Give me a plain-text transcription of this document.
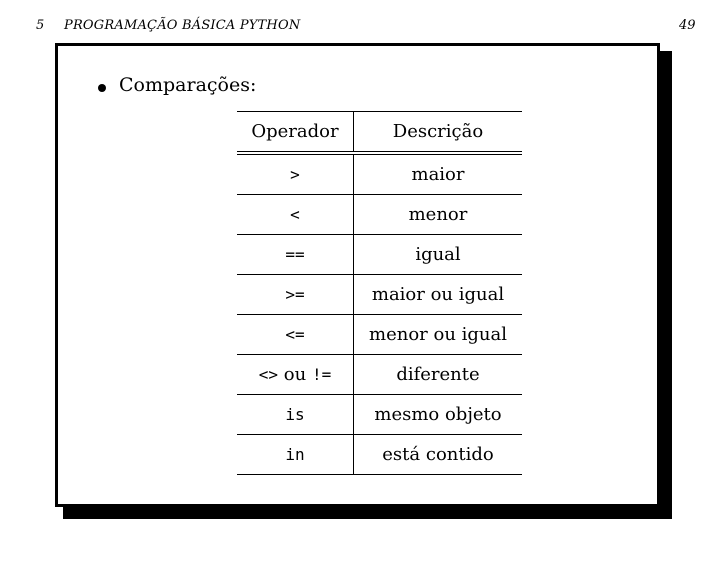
5 PROGRAMAÇÃO BÁSICA PYTHON	49
Comparações:
Operador	Descrição
>	maior
<	menor
==	igual
>=	maior ou igual
<=	menor ou igual
<> ou !=	diferente
is	mesmo objeto
in	está contido
